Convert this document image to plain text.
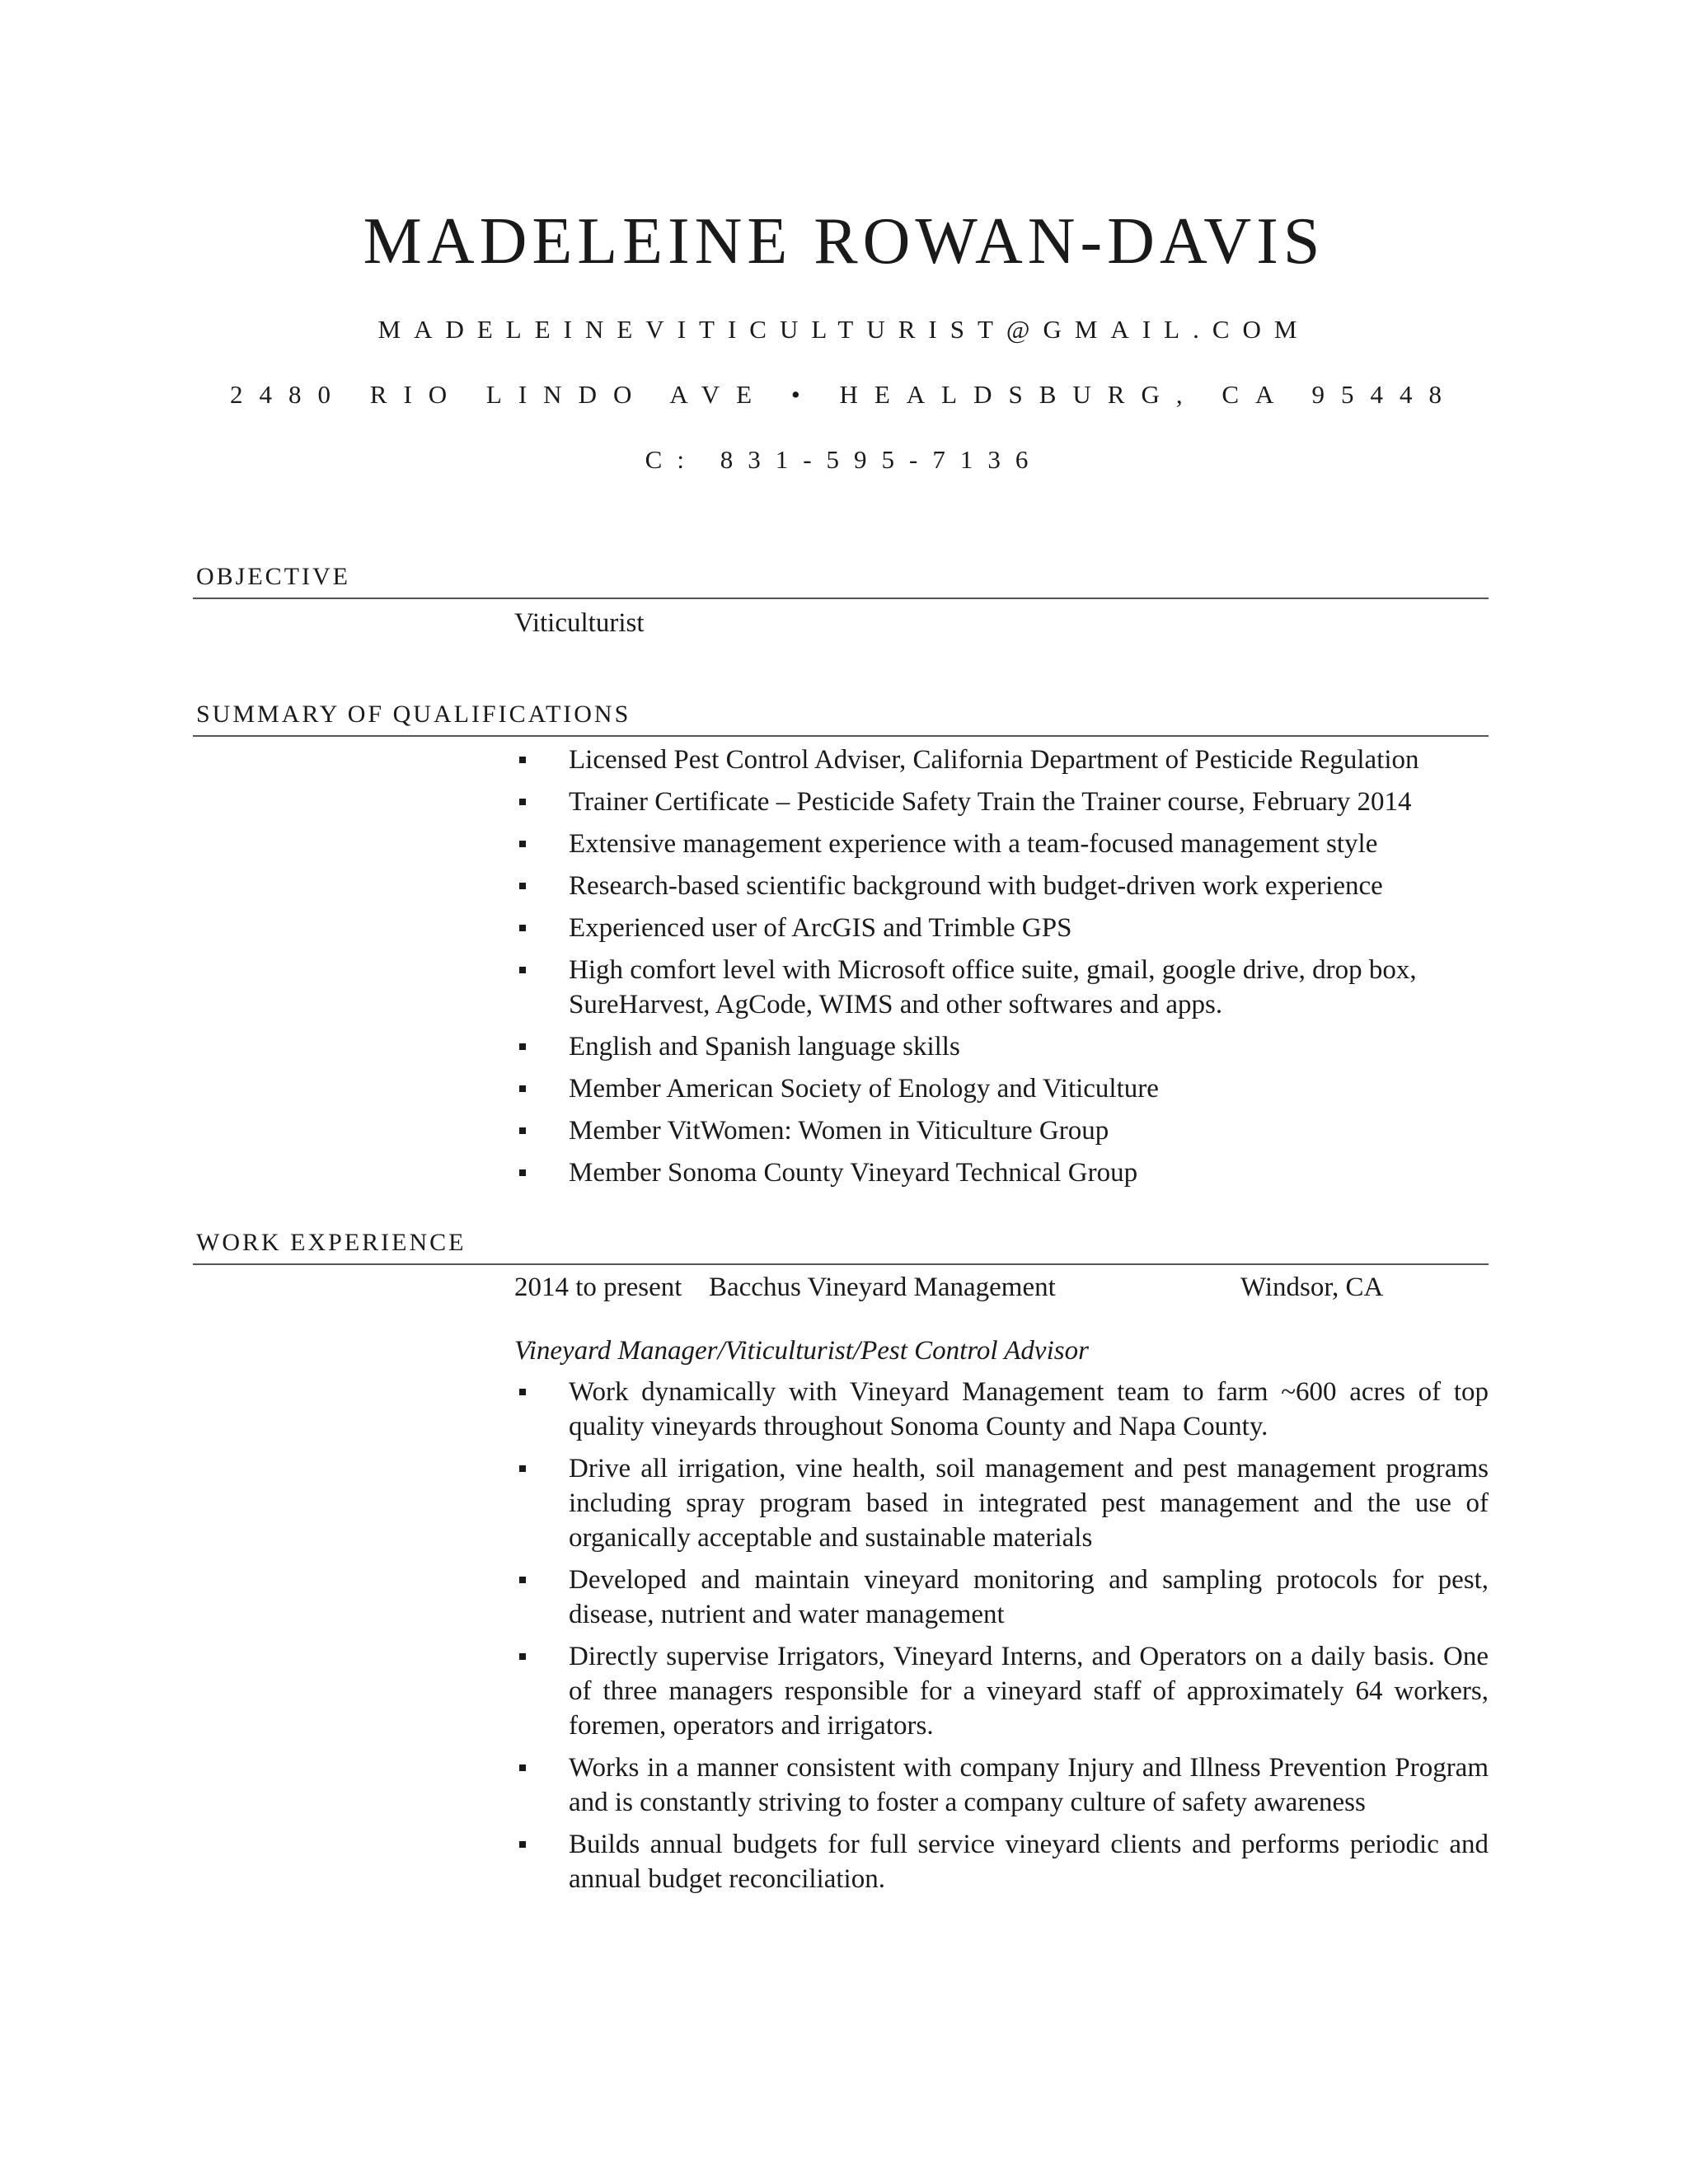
MADELEINE ROWAN-DAVIS
MADELEINEVITICULTURIST@GMAIL.COM
2480 RIO LINDO AVE • HEALDSBURG, CA 95448
C: 831-595-7136
OBJECTIVE
Viticulturist
SUMMARY OF QUALIFICATIONS
Licensed Pest Control Adviser, California Department of Pesticide Regulation
Trainer Certificate – Pesticide Safety Train the Trainer course, February 2014
Extensive management experience with a team-focused management style
Research-based scientific background with budget-driven work experience
Experienced user of ArcGIS and Trimble GPS
High comfort level with Microsoft office suite, gmail, google drive, drop box, SureHarvest, AgCode, WIMS and other softwares and apps.
English and Spanish language skills
Member American Society of Enology and Viticulture
Member VitWomen: Women in Viticulture Group
Member Sonoma County Vineyard Technical Group
WORK EXPERIENCE
2014 to present Bacchus Vineyard Management	Windsor, CA
Vineyard Manager/Viticulturist/Pest Control Advisor
Work dynamically with Vineyard Management team to farm ~600 acres of top quality vineyards throughout Sonoma County and Napa County.
Drive all irrigation, vine health, soil management and pest management programs including spray program based in integrated pest management and the use of organically acceptable and sustainable materials
Developed and maintain vineyard monitoring and sampling protocols for pest, disease, nutrient and water management
Directly supervise Irrigators, Vineyard Interns, and Operators on a daily basis. One of three managers responsible for a vineyard staff of approximately 64 workers, foremen, operators and irrigators.
Works in a manner consistent with company Injury and Illness Prevention Program and is constantly striving to foster a company culture of safety awareness
Builds annual budgets for full service vineyard clients and performs periodic and annual budget reconciliation.
